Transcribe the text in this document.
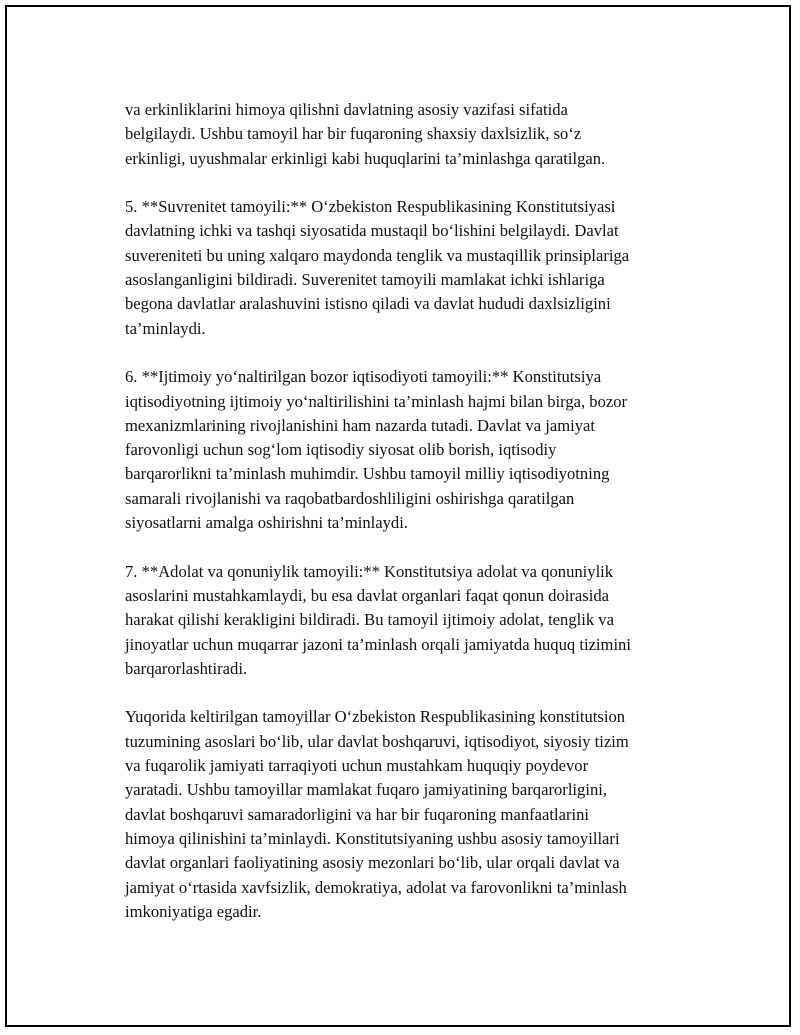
va erkinliklarini himoya qilishni davlatning asosiy vazifasi sifatida
belgilaydi. Ushbu tamoyil har bir fuqaroning shaxsiy daxlsizlik, so‘z
erkinligi, uyushmalar erkinligi kabi huquqlarini ta’minlashga qaratilgan.

5. **Suvrenitet tamoyili:** O‘zbekiston Respublikasining Konstitutsiyasi
davlatning ichki va tashqi siyosatida mustaqil bo‘lishini belgilaydi. Davlat
suvereniteti bu uning xalqaro maydonda tenglik va mustaqillik prinsiplariga
asoslanganligini bildiradi. Suverenitet tamoyili mamlakat ichki ishlariga
begona davlatlar aralashuvini istisno qiladi va davlat hududi daxlsizligini
ta’minlaydi.

6. **Ijtimoiy yo‘naltirilgan bozor iqtisodiyoti tamoyili:** Konstitutsiya
iqtisodiyotning ijtimoiy yo‘naltirilishini ta’minlash hajmi bilan birga, bozor
mexanizmlarining rivojlanishini ham nazarda tutadi. Davlat va jamiyat
farovonligi uchun sog‘lom iqtisodiy siyosat olib borish, iqtisodiy
barqarorlikni ta’minlash muhimdir. Ushbu tamoyil milliy iqtisodiyotning
samarali rivojlanishi va raqobatbardoshliligini oshirishga qaratilgan
siyosatlarni amalga oshirishni ta’minlaydi.

7. **Adolat va qonuniylik tamoyili:** Konstitutsiya adolat va qonuniylik
asoslarini mustahkamlaydi, bu esa davlat organlari faqat qonun doirasida
harakat qilishi kerakligini bildiradi. Bu tamoyil ijtimoiy adolat, tenglik va
jinoyatlar uchun muqarrar jazoni ta’minlash orqali jamiyatda huquq tizimini
barqarorlashtiradi.

Yuqorida keltirilgan tamoyillar O‘zbekiston Respublikasining konstitutsion
tuzumining asoslari bo‘lib, ular davlat boshqaruvi, iqtisodiyot, siyosiy tizim
va fuqarolik jamiyati tarraqiyoti uchun mustahkam huquqiy poydevor
yaratadi. Ushbu tamoyillar mamlakat fuqaro jamiyatining barqarorligini,
davlat boshqaruvi samaradorligini va har bir fuqaroning manfaatlarini
himoya qilinishini ta’minlaydi. Konstitutsiyaning ushbu asosiy tamoyillari
davlat organlari faoliyatining asosiy mezonlari bo‘lib, ular orqali davlat va
jamiyat o‘rtasida xavfsizlik, demokratiya, adolat va farovonlikni ta’minlash
imkoniyatiga egadir.
